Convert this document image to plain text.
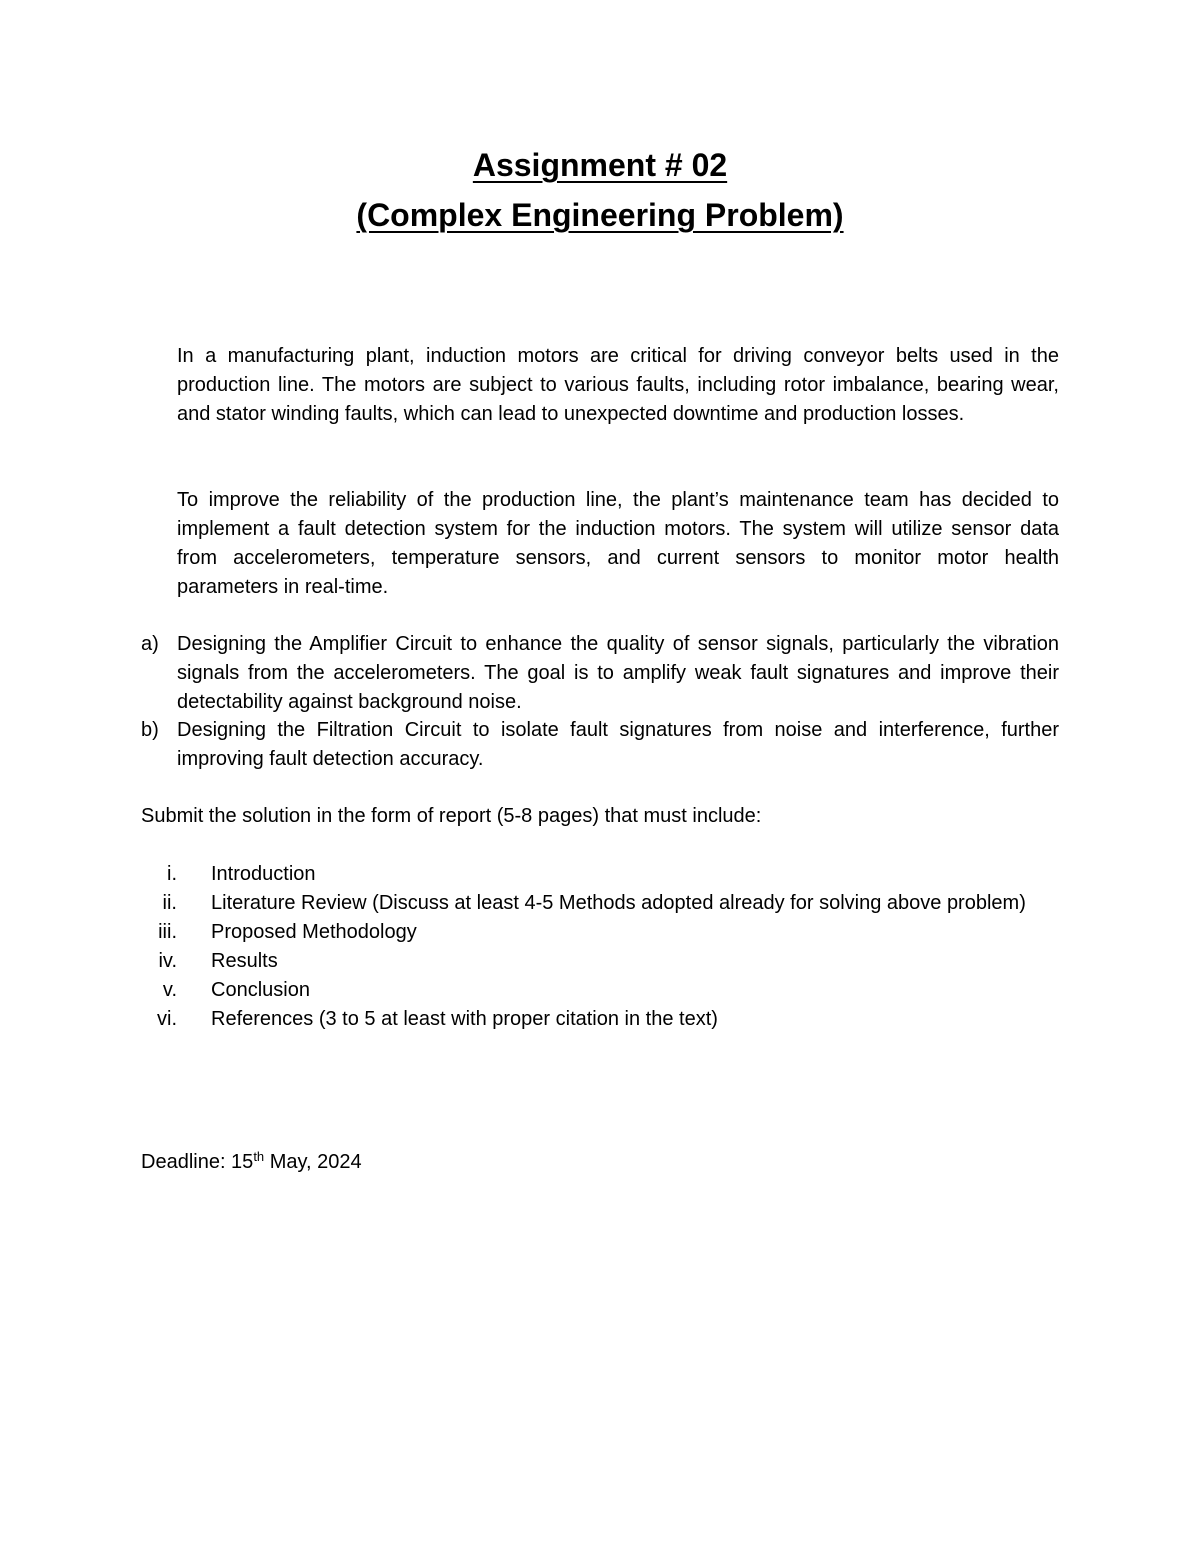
Assignment # 02
(Complex Engineering Problem)

In a manufacturing plant, induction motors are critical for driving conveyor belts used in the production line. The motors are subject to various faults, including rotor imbalance, bearing wear, and stator winding faults, which can lead to unexpected downtime and production losses.

To improve the reliability of the production line, the plant’s maintenance team has decided to implement a fault detection system for the induction motors. The system will utilize sensor data from accelerometers, temperature sensors, and current sensors to monitor motor health parameters in real-time.

a) Designing the Amplifier Circuit to enhance the quality of sensor signals, particularly the vibration signals from the accelerometers. The goal is to amplify weak fault signatures and improve their detectability against background noise.
b) Designing the Filtration Circuit to isolate fault signatures from noise and interference, further improving fault detection accuracy.
Submit the solution in the form of report (5-8 pages) that must include:
i. Introduction
ii. Literature Review (Discuss at least 4-5 Methods adopted already for solving above problem)
iii. Proposed Methodology
iv. Results
v. Conclusion
vi. References (3 to 5 at least with proper citation in the text)
Deadline: 15th May, 2024
